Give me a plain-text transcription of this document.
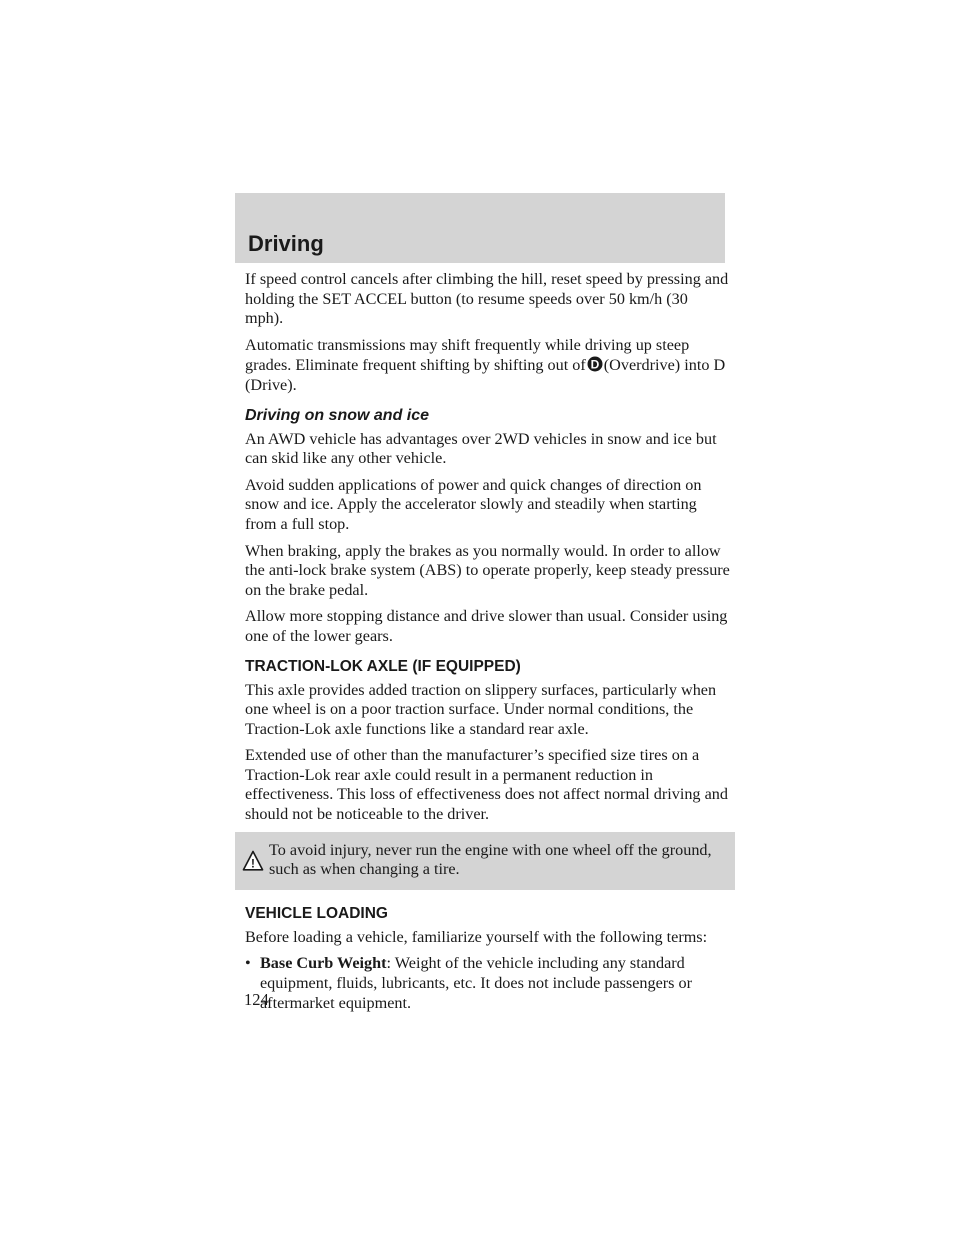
Driving

If speed control cancels after climbing the hill, reset speed by pressing and holding the SET ACCEL button (to resume speeds over 50 km/h (30 mph).

Automatic transmissions may shift frequently while driving up steep grades. Eliminate frequent shifting by shifting out of D (Overdrive) into D (Drive).

Driving on snow and ice

An AWD vehicle has advantages over 2WD vehicles in snow and ice but can skid like any other vehicle.

Avoid sudden applications of power and quick changes of direction on snow and ice. Apply the accelerator slowly and steadily when starting from a full stop.

When braking, apply the brakes as you normally would. In order to allow the anti-lock brake system (ABS) to operate properly, keep steady pressure on the brake pedal.

Allow more stopping distance and drive slower than usual. Consider using one of the lower gears.

TRACTION-LOK AXLE (IF EQUIPPED)

This axle provides added traction on slippery surfaces, particularly when one wheel is on a poor traction surface. Under normal conditions, the Traction-Lok axle functions like a standard rear axle.

Extended use of other than the manufacturer’s specified size tires on a Traction-Lok rear axle could result in a permanent reduction in effectiveness. This loss of effectiveness does not affect normal driving and should not be noticeable to the driver.

!
To avoid injury, never run the engine with one wheel off the ground, such as when changing a tire.
VEHICLE LOADING

Before loading a vehicle, familiarize yourself with the following terms:

• Base Curb Weight: Weight of the vehicle including any standard equipment, fluids, lubricants, etc. It does not include passengers or aftermarket equipment.
124
